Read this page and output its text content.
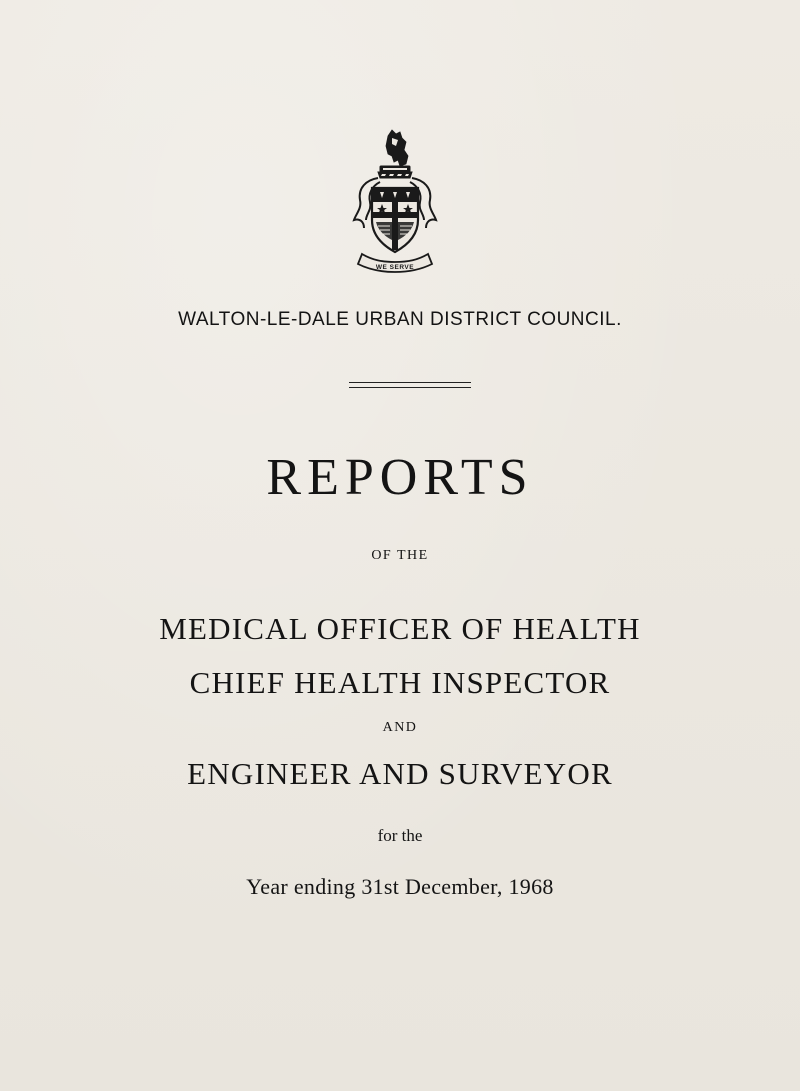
WE SERVE
WALTON-LE-DALE URBAN DISTRICT COUNCIL.
REPORTS
OF THE
MEDICAL OFFICER OF HEALTH
CHIEF HEALTH INSPECTOR
AND
ENGINEER AND SURVEYOR
for the
Year ending 31st December, 1968
